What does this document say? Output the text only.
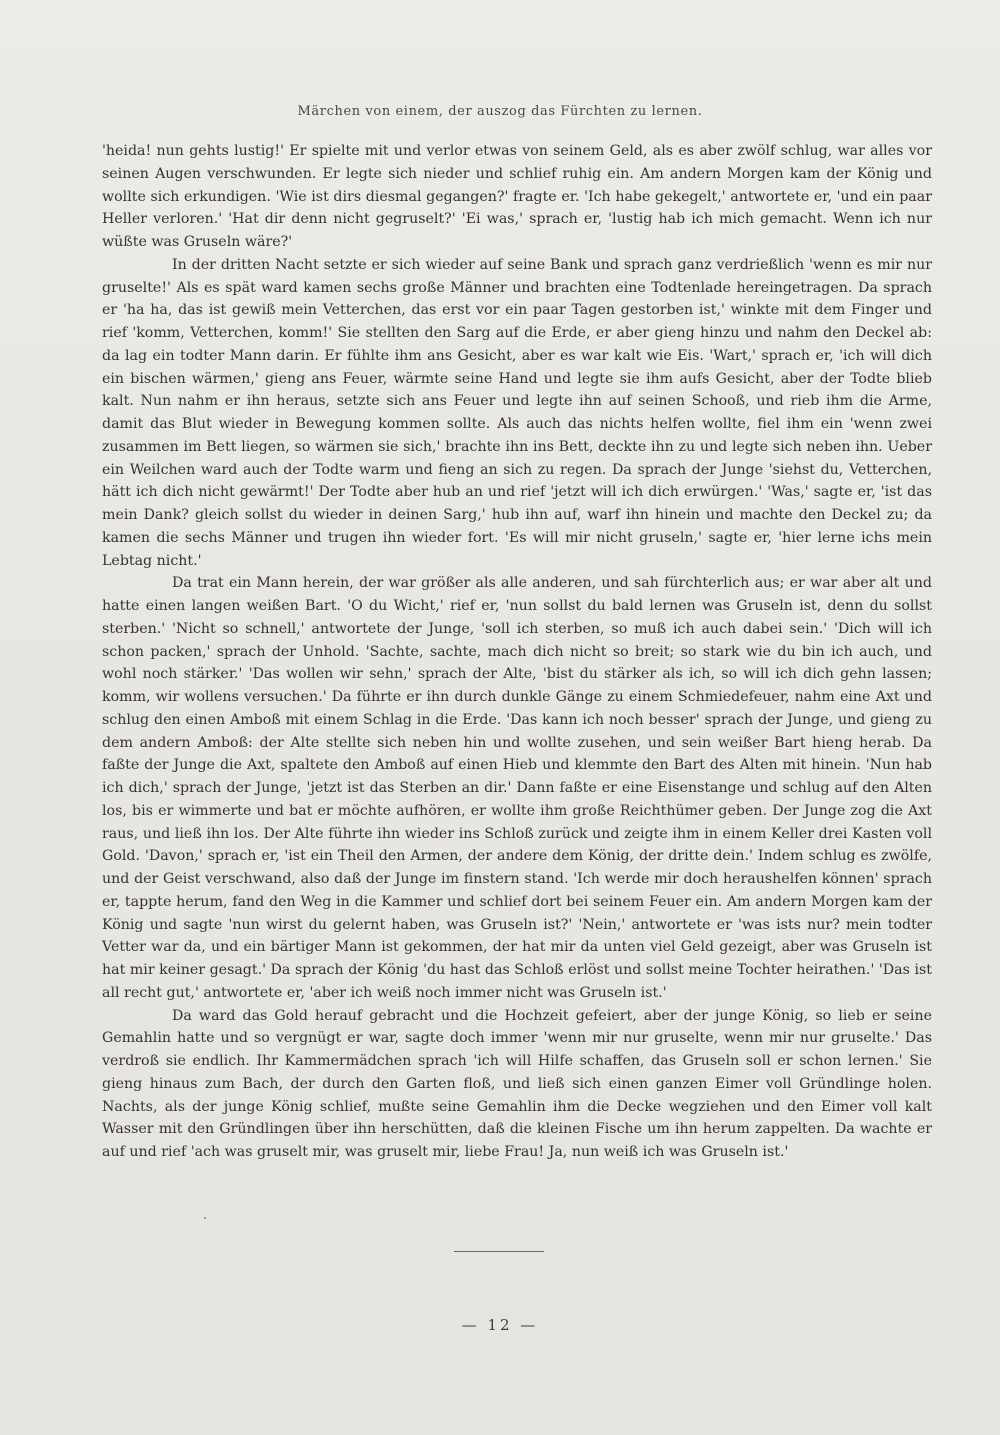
Märchen von einem, der auszog das Fürchten zu lernen.

'heida! nun gehts lustig!' Er spielte mit und verlor etwas von seinem Geld, als es aber zwölf schlug, war alles vor seinen Augen verschwunden. Er legte sich nieder und schlief ruhig ein. Am andern Morgen kam der König und wollte sich erkundigen. 'Wie ist dirs diesmal gegangen?' fragte er. 'Ich habe gekegelt,' antwortete er, 'und ein paar Heller verloren.' 'Hat dir denn nicht gegruselt?' 'Ei was,' sprach er, 'lustig hab ich mich gemacht. Wenn ich nur wüßte was Gruseln wäre?'

In der dritten Nacht setzte er sich wieder auf seine Bank und sprach ganz verdrießlich 'wenn es mir nur gruselte!' Als es spät ward kamen sechs große Männer und brachten eine Todtenlade hereingetragen. Da sprach er 'ha ha, das ist gewiß mein Vetterchen, das erst vor ein paar Tagen gestorben ist,' winkte mit dem Finger und rief 'komm, Vetterchen, komm!' Sie stellten den Sarg auf die Erde, er aber gieng hinzu und nahm den Deckel ab: da lag ein todter Mann darin. Er fühlte ihm ans Gesicht, aber es war kalt wie Eis. 'Wart,' sprach er, 'ich will dich ein bischen wärmen,' gieng ans Feuer, wärmte seine Hand und legte sie ihm aufs Gesicht, aber der Todte blieb kalt. Nun nahm er ihn heraus, setzte sich ans Feuer und legte ihn auf seinen Schooß, und rieb ihm die Arme, damit das Blut wieder in Bewegung kommen sollte. Als auch das nichts helfen wollte, fiel ihm ein 'wenn zwei zusammen im Bett liegen, so wärmen sie sich,' brachte ihn ins Bett, deckte ihn zu und legte sich neben ihn. Ueber ein Weilchen ward auch der Todte warm und fieng an sich zu regen. Da sprach der Junge 'siehst du, Vetterchen, hätt ich dich nicht gewärmt!' Der Todte aber hub an und rief 'jetzt will ich dich erwürgen.' 'Was,' sagte er, 'ist das mein Dank? gleich sollst du wieder in deinen Sarg,' hub ihn auf, warf ihn hinein und machte den Deckel zu; da kamen die sechs Männer und trugen ihn wieder fort. 'Es will mir nicht gruseln,' sagte er, 'hier lerne ichs mein Lebtag nicht.'

Da trat ein Mann herein, der war größer als alle anderen, und sah fürchterlich aus; er war aber alt und hatte einen langen weißen Bart. 'O du Wicht,' rief er, 'nun sollst du bald lernen was Gruseln ist, denn du sollst sterben.' 'Nicht so schnell,' antwortete der Junge, 'soll ich sterben, so muß ich auch dabei sein.' 'Dich will ich schon packen,' sprach der Unhold. 'Sachte, sachte, mach dich nicht so breit; so stark wie du bin ich auch, und wohl noch stärker.' 'Das wollen wir sehn,' sprach der Alte, 'bist du stärker als ich, so will ich dich gehn lassen; komm, wir wollens versuchen.' Da führte er ihn durch dunkle Gänge zu einem Schmiedefeuer, nahm eine Axt und schlug den einen Amboß mit einem Schlag in die Erde. 'Das kann ich noch besser' sprach der Junge, und gieng zu dem andern Amboß: der Alte stellte sich neben hin und wollte zusehen, und sein weißer Bart hieng herab. Da faßte der Junge die Axt, spaltete den Amboß auf einen Hieb und klemmte den Bart des Alten mit hinein. 'Nun hab ich dich,' sprach der Junge, 'jetzt ist das Sterben an dir.' Dann faßte er eine Eisenstange und schlug auf den Alten los, bis er wimmerte und bat er möchte aufhören, er wollte ihm große Reichthümer geben. Der Junge zog die Axt raus, und ließ ihn los. Der Alte führte ihn wieder ins Schloß zurück und zeigte ihm in einem Keller drei Kasten voll Gold. 'Davon,' sprach er, 'ist ein Theil den Armen, der andere dem König, der dritte dein.' Indem schlug es zwölfe, und der Geist verschwand, also daß der Junge im finstern stand. 'Ich werde mir doch heraushelfen können' sprach er, tappte herum, fand den Weg in die Kammer und schlief dort bei seinem Feuer ein. Am andern Morgen kam der König und sagte 'nun wirst du gelernt haben, was Gruseln ist?' 'Nein,' antwortete er 'was ists nur? mein todter Vetter war da, und ein bärtiger Mann ist gekommen, der hat mir da unten viel Geld gezeigt, aber was Gruseln ist hat mir keiner gesagt.' Da sprach der König 'du hast das Schloß erlöst und sollst meine Tochter heirathen.' 'Das ist all recht gut,' antwortete er, 'aber ich weiß noch immer nicht was Gruseln ist.'

Da ward das Gold herauf gebracht und die Hochzeit gefeiert, aber der junge König, so lieb er seine Gemahlin hatte und so vergnügt er war, sagte doch immer 'wenn mir nur gruselte, wenn mir nur gruselte.' Das verdroß sie endlich. Ihr Kammermädchen sprach 'ich will Hilfe schaffen, das Gruseln soll er schon lernen.' Sie gieng hinaus zum Bach, der durch den Garten floß, und ließ sich einen ganzen Eimer voll Gründlinge holen. Nachts, als der junge König schlief, mußte seine Gemahlin ihm die Decke wegziehen und den Eimer voll kalt Wasser mit den Gründlingen über ihn herschütten, daß die kleinen Fische um ihn herum zappelten. Da wachte er auf und rief 'ach was gruselt mir, was gruselt mir, liebe Frau! Ja, nun weiß ich was Gruseln ist.'

— 12 —
